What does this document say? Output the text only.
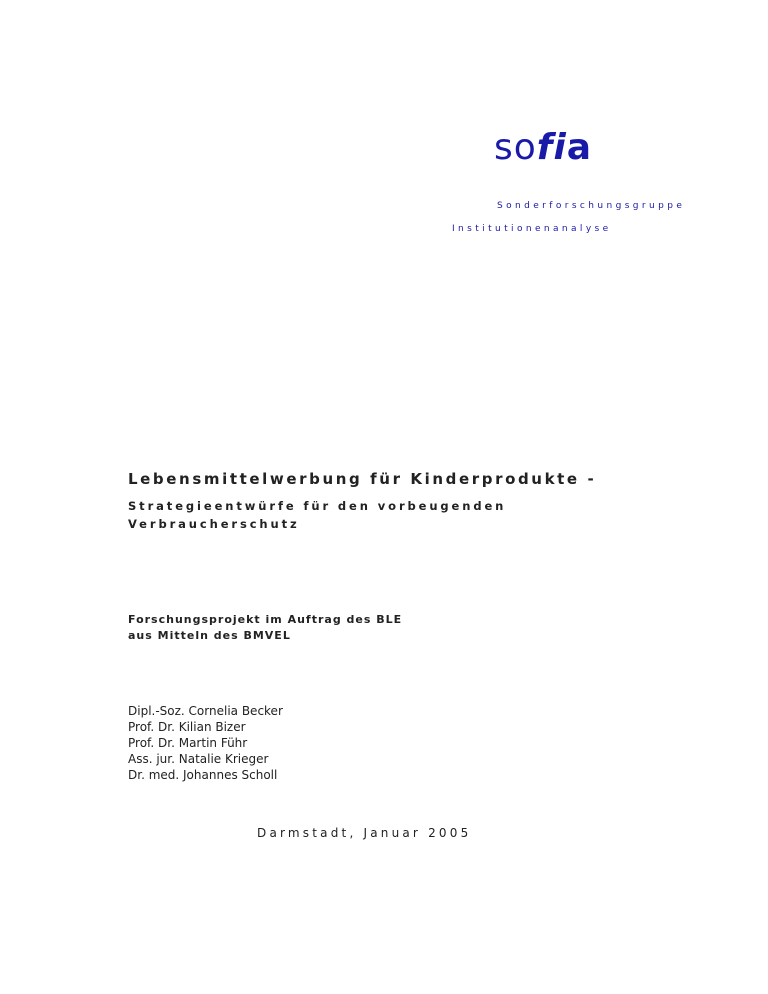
sofia
Sonderforschungsgruppe
Institutionenanalyse
Lebensmittelwerbung für Kinderprodukte -
Strategieentwürfe für den vorbeugenden
Verbraucherschutz
Forschungsprojekt im Auftrag des BLE
aus Mitteln des BMVEL
Dipl.-Soz. Cornelia Becker
Prof. Dr. Kilian Bizer
Prof. Dr. Martin Führ
Ass. jur. Natalie Krieger
Dr. med. Johannes Scholl
Darmstadt, Januar 2005
